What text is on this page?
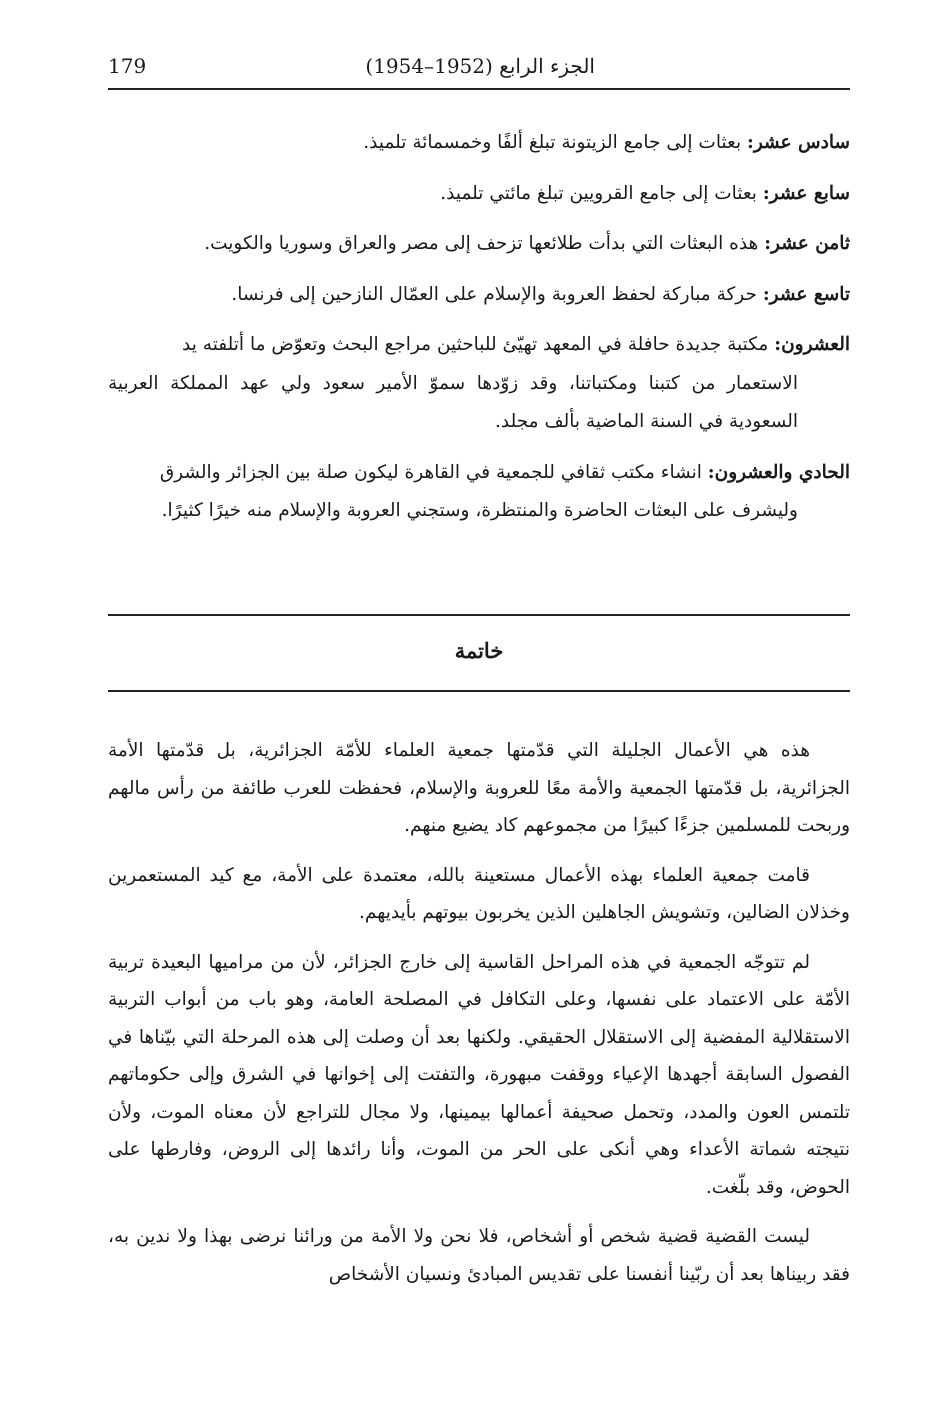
الجزء الرابع (1952–1954)
179

سادس عشر: بعثات إلى جامع الزيتونة تبلغ ألفًا وخمسمائة تلميذ.

سابع عشر: بعثات إلى جامع القرويين تبلغ مائتي تلميذ.

ثامن عشر: هذه البعثات التي بدأت طلائعها تزحف إلى مصر والعراق وسوريا والكويت.

تاسع عشر: حركة مباركة لحفظ العروبة والإسلام على العمّال النازحين إلى فرنسا.

العشرون: مكتبة جديدة حافلة في المعهد تهيّئ للباحثين مراجع البحث وتعوّض ما أتلفته يد
الاستعمار من كتبنا ومكتباتنا، وقد زوّدها سموّ الأمير سعود ولي عهد المملكة العربية السعودية في السنة الماضية بألف مجلد.

الحادي والعشرون: انشاء مكتب ثقافي للجمعية في القاهرة ليكون صلة بين الجزائر والشرق
وليشرف على البعثات الحاضرة والمنتظرة، وستجني العروبة والإسلام منه خيرًا كثيرًا.

خاتمة

هذه هي الأعمال الجليلة التي قدّمتها جمعية العلماء للأمّة الجزائرية، بل قدّمتها الأمة الجزائرية، بل قدّمتها الجمعية والأمة معًا للعروبة والإسلام، فحفظت للعرب طائفة من رأس مالهم وربحت للمسلمين جزءًا كبيرًا من مجموعهم كاد يضيع منهم.

قامت جمعية العلماء بهذه الأعمال مستعينة بالله، معتمدة على الأمة، مع كيد المستعمرين وخذلان الضالين، وتشويش الجاهلين الذين يخربون بيوتهم بأيديهم.

لم تتوجّه الجمعية في هذه المراحل القاسية إلى خارج الجزائر، لأن من مراميها البعيدة تربية الأمّة على الاعتماد على نفسها، وعلى التكافل في المصلحة العامة، وهو باب من أبواب التربية الاستقلالية المفضية إلى الاستقلال الحقيقي. ولكنها بعد أن وصلت إلى هذه المرحلة التي بيّناها في الفصول السابقة أجهدها الإعياء ووقفت مبهورة، والتفتت إلى إخوانها في الشرق وإلى حكوماتهم تلتمس العون والمدد، وتحمل صحيفة أعمالها بيمينها، ولا مجال للتراجع لأن معناه الموت، ولأن نتيجته شماتة الأعداء وهي أنكى على الحر من الموت، وأنا رائدها إلى الروض، وفارطها على الحوض، وقد بلّغت.

ليست القضية قضية شخص أو أشخاص، فلا نحن ولا الأمة من ورائنا نرضى بهذا ولا ندين به، فقد ربيناها بعد أن ربّينا أنفسنا على تقديس المبادئ ونسيان الأشخاص
